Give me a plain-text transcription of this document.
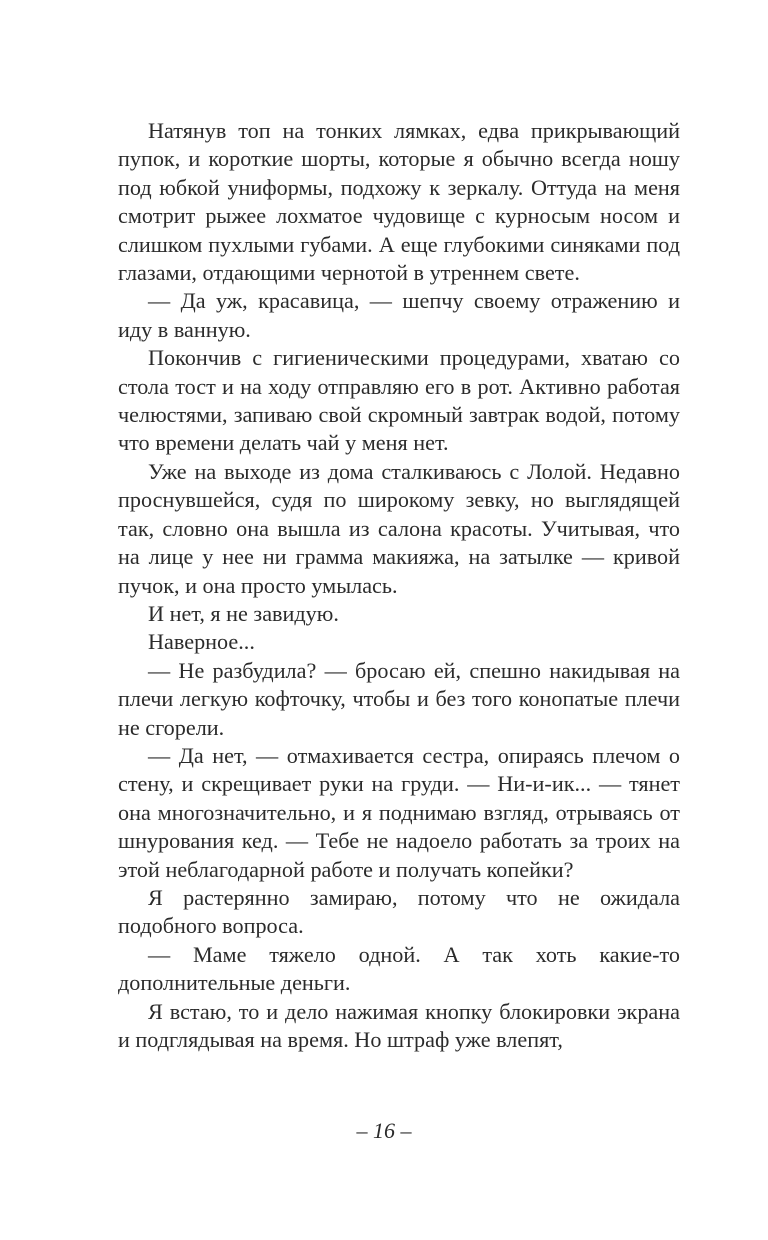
Натянув топ на тонких лямках, едва прикрывающий пупок, и короткие шорты, которые я обычно всегда ношу под юбкой униформы, подхожу к зеркалу. Оттуда на меня смотрит рыжее лохматое чудовище с курносым носом и слишком пухлыми губами. А еще глубокими синяками под глазами, отдающими чернотой в утреннем свете.

— Да уж, красавица, — шепчу своему отражению и иду в ванную.

Покончив с гигиеническими процедурами, хватаю со стола тост и на ходу отправляю его в рот. Активно работая челюстями, запиваю свой скромный завтрак водой, потому что времени делать чай у меня нет.

Уже на выходе из дома сталкиваюсь с Лолой. Недавно проснувшейся, судя по широкому зевку, но выглядящей так, словно она вышла из салона красоты. Учитывая, что на лице у нее ни грамма макияжа, на затылке — кривой пучок, и она просто умылась.

И нет, я не завидую.

Наверное...

— Не разбудила? — бросаю ей, спешно накидывая на плечи легкую кофточку, чтобы и без того конопатые плечи не сгорели.

— Да нет, — отмахивается сестра, опираясь плечом о стену, и скрещивает руки на груди. — Ни-и-ик... — тянет она многозначительно, и я поднимаю взгляд, отрываясь от шнурования кед. — Тебе не надоело работать за троих на этой неблагодарной работе и получать копейки?

Я растерянно замираю, потому что не ожидала подобного вопроса.

— Маме тяжело одной. А так хоть какие-то дополнительные деньги.

Я встаю, то и дело нажимая кнопку блокировки экрана и подглядывая на время. Но штраф уже влепят,

– 16 –
